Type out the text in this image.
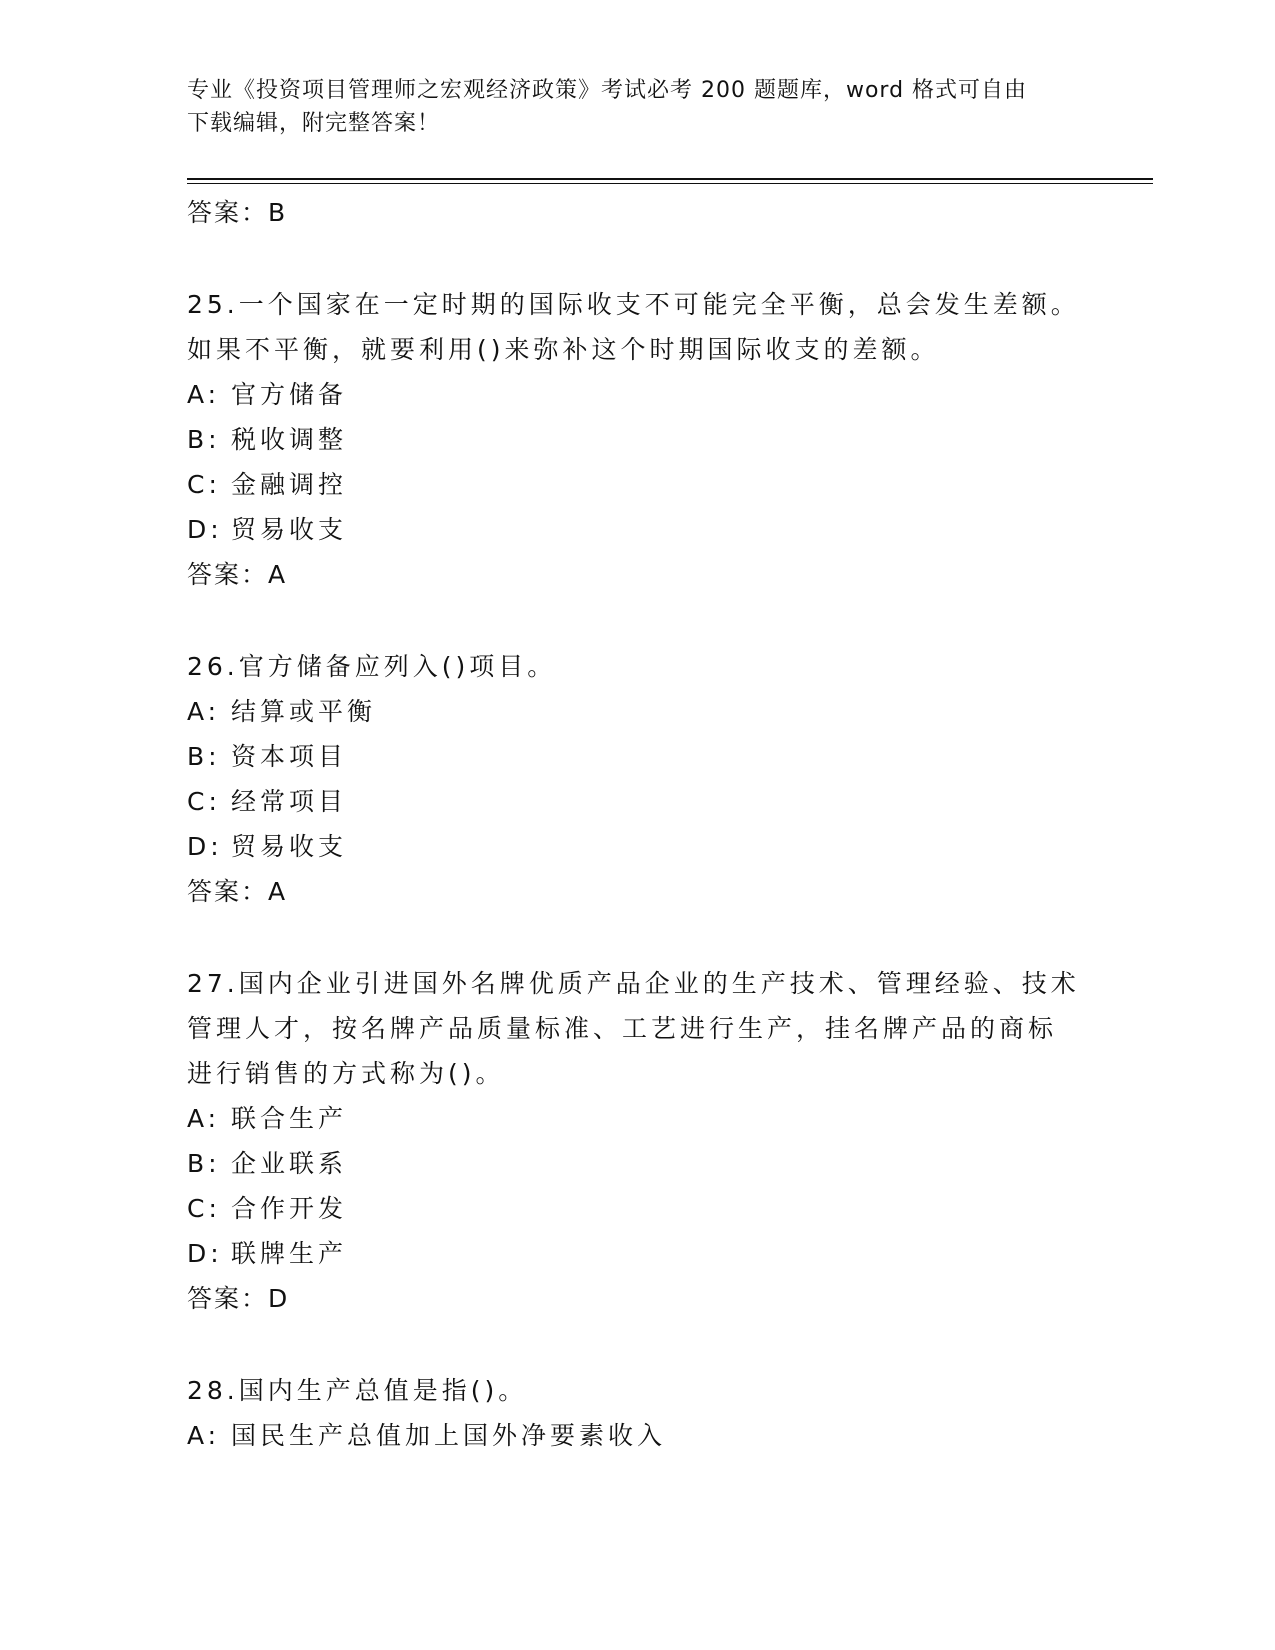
专业《投资项目管理师之宏观经济政策》考试必考 200 题题库，word 格式可自由
下载编辑，附完整答案！
答案：B
25.一个国家在一定时期的国际收支不可能完全平衡，总会发生差额。
如果不平衡，就要利用()来弥补这个时期国际收支的差额。
A: 官方储备
B: 税收调整
C: 金融调控
D: 贸易收支
答案：A
26.官方储备应列入()项目。
A: 结算或平衡
B: 资本项目
C: 经常项目
D: 贸易收支
答案：A
27.国内企业引进国外名牌优质产品企业的生产技术、管理经验、技术
管理人才，按名牌产品质量标准、工艺进行生产，挂名牌产品的商标
进行销售的方式称为()。
A: 联合生产
B: 企业联系
C: 合作开发
D: 联牌生产
答案：D
28.国内生产总值是指()。
A: 国民生产总值加上国外净要素收入
